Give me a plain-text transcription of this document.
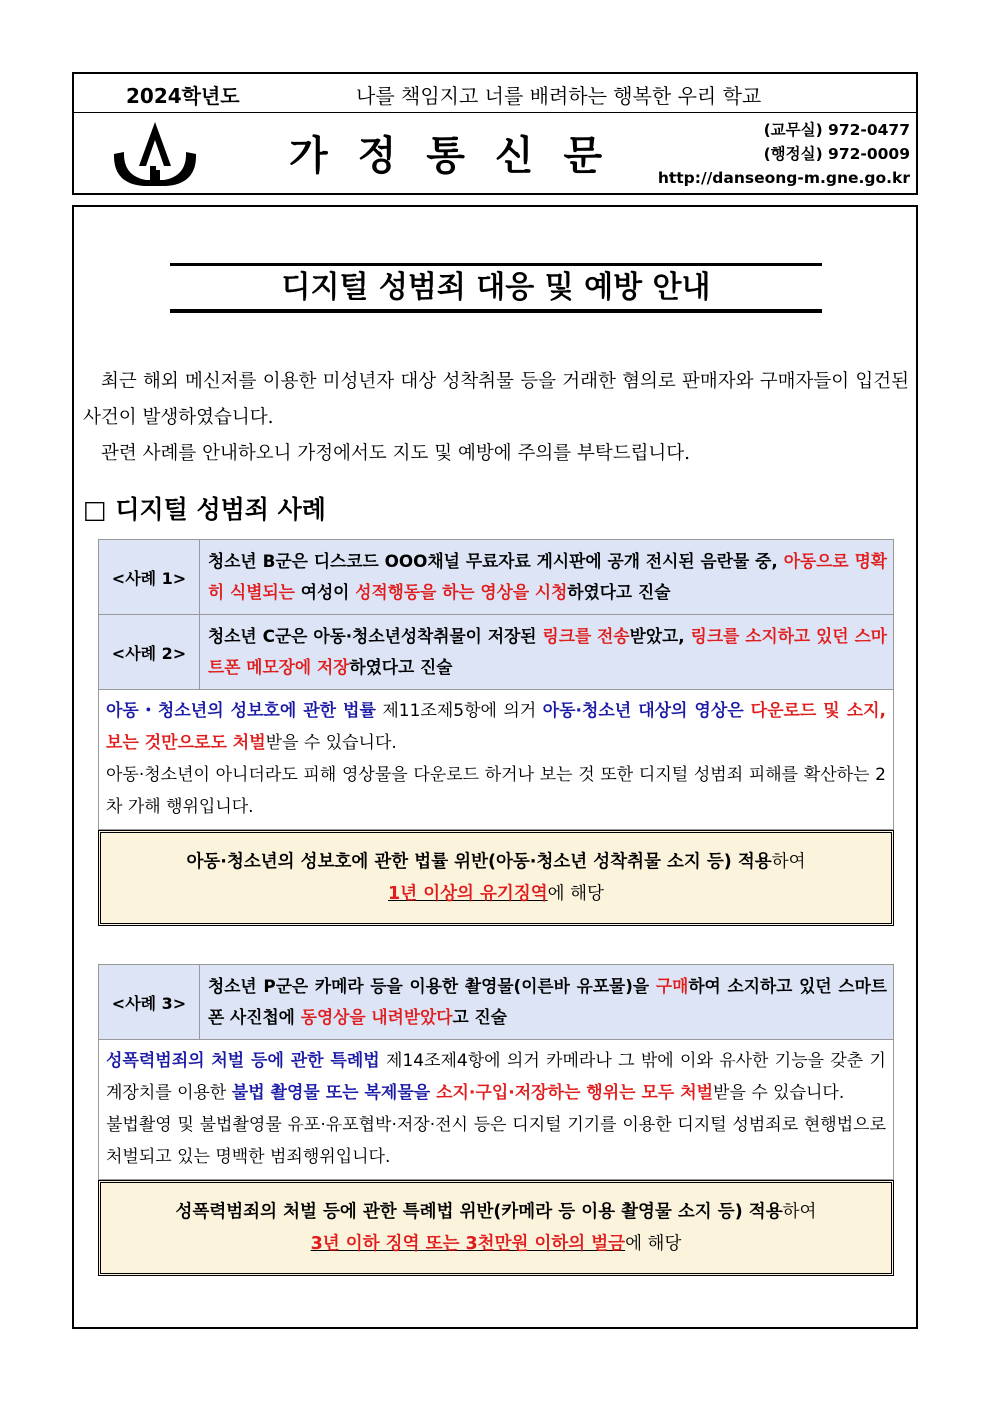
2024학년도	나를 책임지고 너를 배려하는 행복한 우리 학교
가정통신문
(교무실) 972-0477
(행정실) 972-0009
http://danseong-m.gne.go.kr
디지털 성범죄 대응 및 예방 안내

최근 해외 메신저를 이용한 미성년자 대상 성착취물 등을 거래한 혐의로 판매자와 구매자들이 입건된 사건이 발생하였습니다.

관련 사례를 안내하오니 가정에서도 지도 및 예방에 주의를 부탁드립니다.

□ 디지털 성범죄 사례
<사례 1>
청소년 B군은 디스코드 OOO채널 무료자료 게시판에 공개 전시된 음란물 중, 아동으로 명확히 식별되는 여성이 성적행동을 하는 영상을 시청하였다고 진술
<사례 2>
청소년 C군은 아동·청소년성착취물이 저장된 링크를 전송받았고, 링크를 소지하고 있던 스마트폰 메모장에 저장하였다고 진술
아동・청소년의 성보호에 관한 법률 제11조제5항에 의거 아동·청소년 대상의 영상은 다운로드 및 소지, 보는 것만으로도 처벌받을 수 있습니다.
아동·청소년이 아니더라도 피해 영상물을 다운로드 하거나 보는 것 또한 디지털 성범죄 피해를 확산하는 2차 가해 행위입니다.
아동·청소년의 성보호에 관한 법률 위반(아동·청소년 성착취물 소지 등) 적용하여
1년 이상의 유기징역에 해당
<사례 3>
청소년 P군은 카메라 등을 이용한 촬영물(이른바 유포물)을 구매하여 소지하고 있던 스마트폰 사진첩에 동영상을 내려받았다고 진술
성폭력범죄의 처벌 등에 관한 특례법 제14조제4항에 의거 카메라나 그 밖에 이와 유사한 기능을 갖춘 기계장치를 이용한 불법 촬영물 또는 복제물을 소지·구입·저장하는 행위는 모두 처벌받을 수 있습니다.
불법촬영 및 불법촬영물 유포·유포협박·저장·전시 등은 디지털 기기를 이용한 디지털 성범죄로 현행법으로 처벌되고 있는 명백한 범죄행위입니다.
성폭력범죄의 처벌 등에 관한 특례법 위반(카메라 등 이용 촬영물 소지 등) 적용하여
3년 이하 징역 또는 3천만원 이하의 벌금에 해당
